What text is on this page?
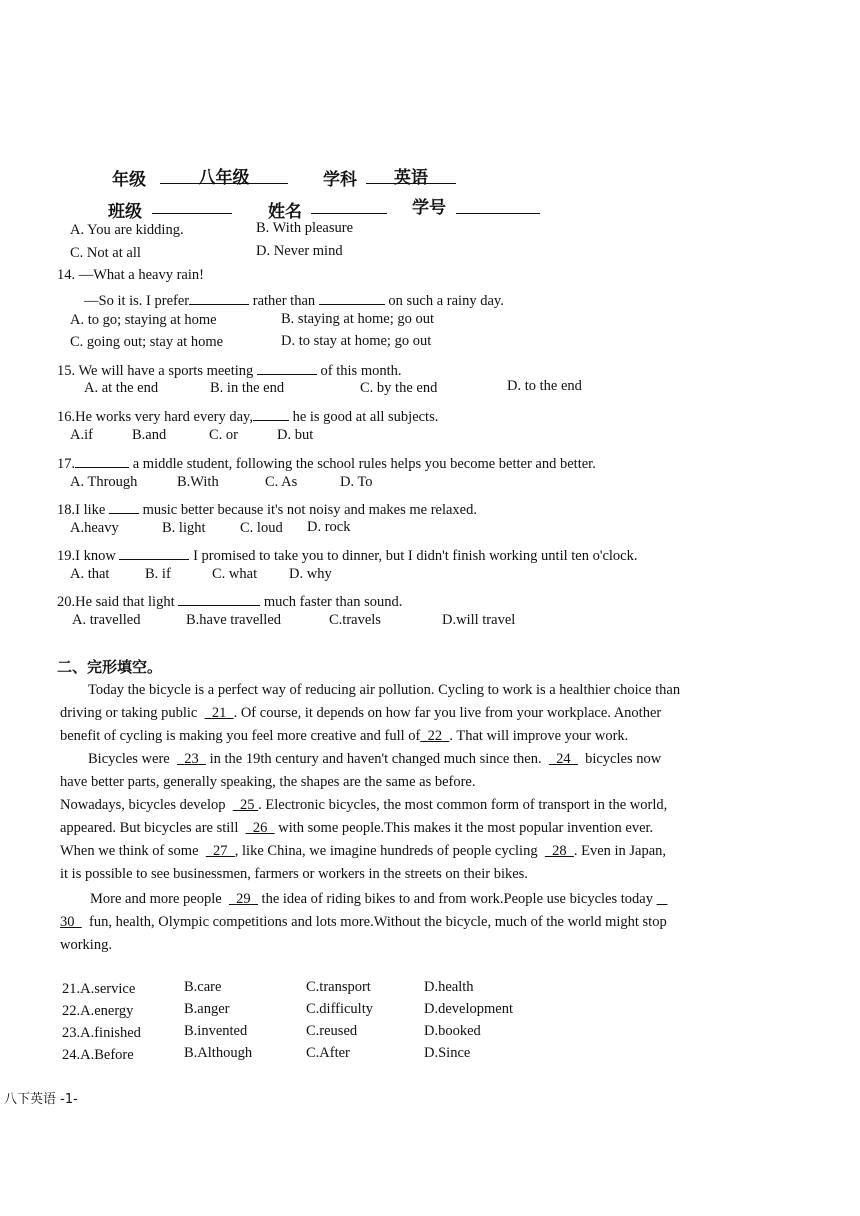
年级	八年级	学科	英语
班级	姓名	学号
A. You are kidding.	B. With pleasure
C. Not at all	D. Never mind
14. —What a heavy rain!
—So it is. I prefer	rather than	on such a rainy day.
A. to go; staying at home	B. staying at home; go out
C. going out; stay at home	D. to stay at home; go out
15. We will have a sports meeting	of this month.
A. at the end	B. in the end	C. by the end	D. to the end
16.He works very hard every day,	he is good at all subjects.
A.if	B.and	C. or	D. but
17.	a middle student, following the school rules helps you become better and better.
A. Through	B.With	C. As	D. To
18.I like	music better because it's not noisy and makes me relaxed.
A.heavy	B. light C. loud D. rock
19.I know	I promised to take you to dinner, but I didn't finish working until ten o'clock.
A. that B. if	C. what D. why
20.He said that light	much faster than sound.
A. travelled	B.have travelled	C.travels	D.will travel
二、完形填空。
Today the bicycle is a perfect way of reducing air pollution. Cycling to work is a healthier choice than
driving or taking public 21 . Of course, it depends on how far you live from your workplace. Another
benefit of cycling is making you feel more creative and full of 22 . That will improve your work.
Bicycles were 23 in the 19th century and haven't changed much since then. 24 bicycles now
have better parts, generally speaking, the shapes are the same as before.
Nowadays, bicycles develop 25 . Electronic bicycles, the most common form of transport in the world,
appeared. But bicycles are still 26 with some people.This makes it the most popular invention ever.
When we think of some 27 , like China, we imagine hundreds of people cycling 28 . Even in Japan,
it is possible to see businessmen, farmers or workers in the streets on their bikes.
More and more people 29 the idea of riding bikes to and from work.People use bicycles today
30 fun, health, Olympic competitions and lots more.Without the bicycle, much of the world might stop
working.
21.A.service	B.care	C.transport	D.health
22.A.energy	B.anger	C.difficulty	D.development
23.A.finished	B.invented	C.reused	D.booked
24.A.Before	B.Although	C.After	D.Since
八下英语 -1-
